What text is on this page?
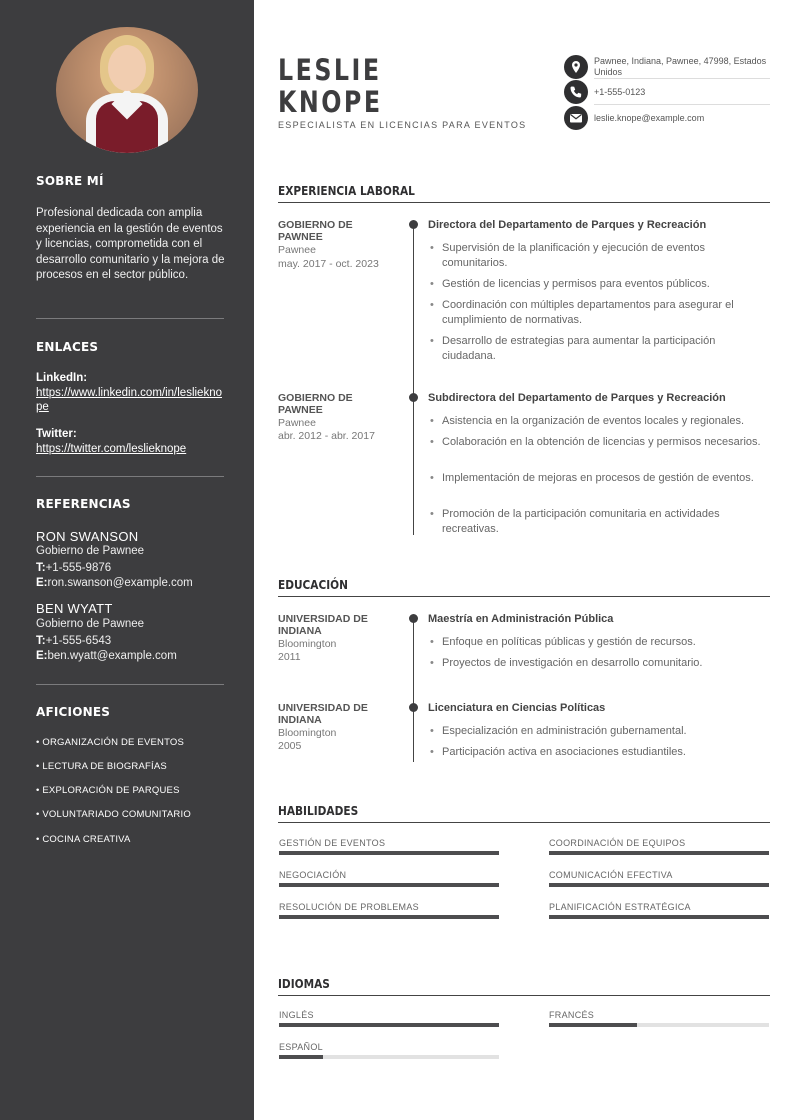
SOBRE MÍ
Profesional dedicada con amplia experiencia en la gestión de eventos y licencias, comprometida con el desarrollo comunitario y la mejora de procesos en el sector público.
ENLACES
LinkedIn:
https://www.linkedin.com/in/leslieknope
Twitter:
https://twitter.com/leslieknope
REFERENCIAS
RON SWANSON
Gobierno de Pawnee
T:+1-555-9876
E:ron.swanson@example.com
BEN WYATT
Gobierno de Pawnee
T:+1-555-6543
E:ben.wyatt@example.com
AFICIONES
• ORGANIZACIÓN DE EVENTOS
• LECTURA DE BIOGRAFÍAS
• EXPLORACIÓN DE PARQUES
• VOLUNTARIADO COMUNITARIO
• COCINA CREATIVA
LESLIE
KNOPE
ESPECIALISTA EN LICENCIAS PARA EVENTOS
Pawnee, Indiana, Pawnee, 47998, Estados Unidos
+1-555-0123
leslie.knope@example.com
EXPERIENCIA LABORAL
GOBIERNO DE PAWNEE
Pawnee
may. 2017 - oct. 2023
Directora del Departamento de Parques y Recreación
• Supervisión de la planificación y ejecución de eventos comunitarios.
• Gestión de licencias y permisos para eventos públicos.
• Coordinación con múltiples departamentos para asegurar el cumplimiento de normativas.
• Desarrollo de estrategias para aumentar la participación ciudadana.
GOBIERNO DE PAWNEE
Pawnee
abr. 2012 - abr. 2017
Subdirectora del Departamento de Parques y Recreación
• Asistencia en la organización de eventos locales y regionales.
• Colaboración en la obtención de licencias y permisos necesarios.
• Implementación de mejoras en procesos de gestión de eventos.
• Promoción de la participación comunitaria en actividades recreativas.
EDUCACIÓN
UNIVERSIDAD DE INDIANA
Bloomington
2011
Maestría en Administración Pública
• Enfoque en políticas públicas y gestión de recursos.
• Proyectos de investigación en desarrollo comunitario.
UNIVERSIDAD DE INDIANA
Bloomington
2005
Licenciatura en Ciencias Políticas
• Especialización en administración gubernamental.
• Participación activa en asociaciones estudiantiles.
HABILIDADES
GESTIÓN DE EVENTOS	COORDINACIÓN DE EQUIPOS
NEGOCIACIÓN	COMUNICACIÓN EFECTIVA
RESOLUCIÓN DE PROBLEMAS	PLANIFICACIÓN ESTRATÉGICA
IDIOMAS
INGLÉS	FRANCÉS
ESPAÑOL
